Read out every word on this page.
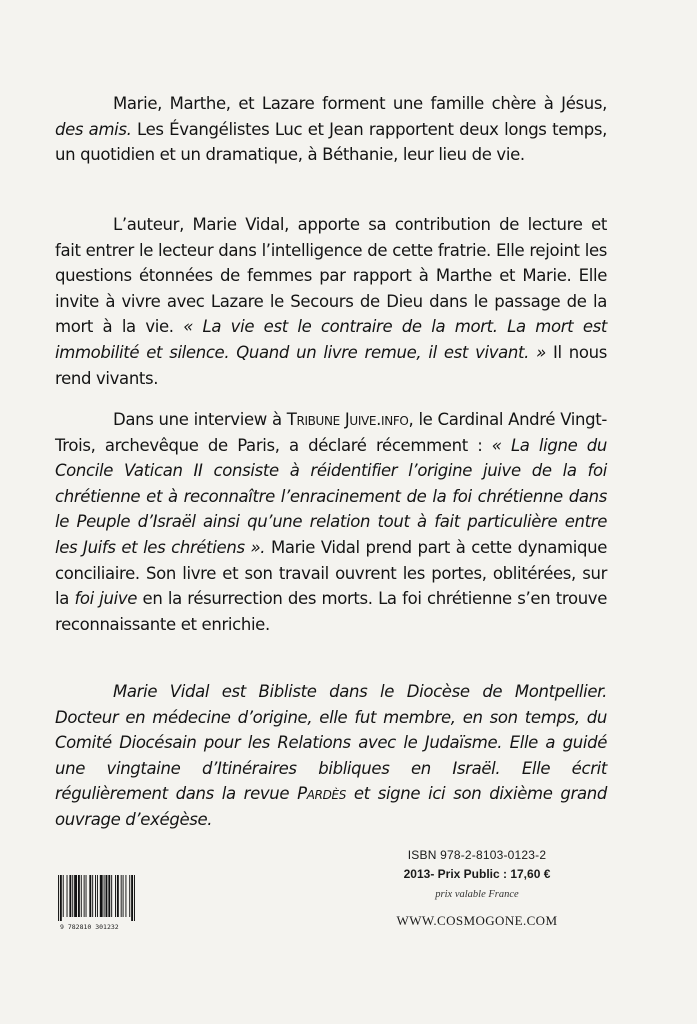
Marie, Marthe, et Lazare forment une famille chère à Jésus, des amis. Les Évangélistes Luc et Jean rapportent deux longs temps, un quotidien et un dramatique, à Béthanie, leur lieu de vie.

L’auteur, Marie Vidal, apporte sa contribution de lecture et fait entrer le lecteur dans l’intelligence de cette fratrie. Elle rejoint les questions étonnées de femmes par rapport à Marthe et Marie. Elle invite à vivre avec Lazare le Secours de Dieu dans le passage de la mort à la vie. « La vie est le contraire de la mort. La mort est immobilité et silence. Quand un livre remue, il est vivant. » Il nous rend vivants.

Dans une interview à Tribune Juive.info, le Cardinal André Vingt-Trois, archevêque de Paris, a déclaré récemment : « La ligne du Concile Vatican II consiste à réidentifier l’origine juive de la foi chrétienne et à reconnaître l’enracinement de la foi chrétienne dans le Peuple d’Israël ainsi qu’une relation tout à fait particulière entre les Juifs et les chrétiens ». Marie Vidal prend part à cette dynamique conciliaire. Son livre et son travail ouvrent les portes, oblitérées, sur la foi juive en la résurrection des morts. La foi chrétienne s’en trouve reconnaissante et enrichie.

Marie Vidal est Bibliste dans le Diocèse de Montpellier. Docteur en médecine d’origine, elle fut membre, en son temps, du Comité Diocésain pour les Relations avec le Judaïsme. Elle a guidé une vingtaine d’Itinéraires bibliques en Israël. Elle écrit régulièrement dans la revue Pardès et signe ici son dixième grand ouvrage d’exégèse.

9 782810 301232
ISBN 978-2-8103-0123-2
2013- Prix Public : 17,60 €
prix valable France
WWW.COSMOGONE.COM
